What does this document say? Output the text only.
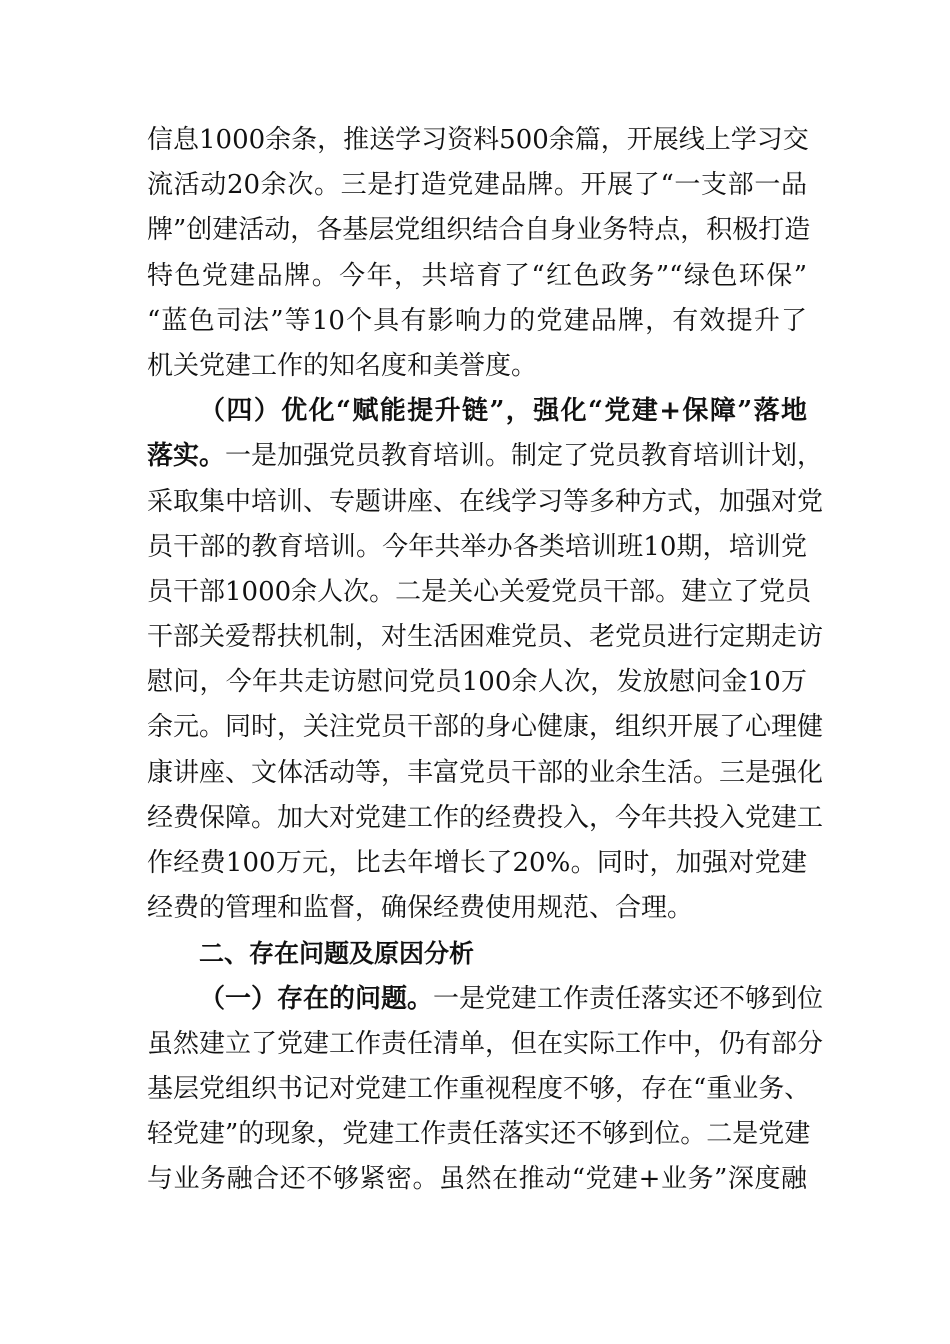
信息1000余条，推送学习资料500余篇，开展线上学习交
流活动20余次。三是打造党建品牌。开展了“一支部一品
牌”创建活动，各基层党组织结合自身业务特点，积极打造
特色党建品牌。今年，共培育了“红色政务”“绿色环保”
“蓝色司法”等10个具有影响力的党建品牌，有效提升了
机关党建工作的知名度和美誉度。
（四）优化“赋能提升链”，强化“党建+保障”落地
落实。一是加强党员教育培训。制定了党员教育培训计划，
采取集中培训、专题讲座、在线学习等多种方式，加强对党
员干部的教育培训。今年共举办各类培训班10期，培训党
员干部1000余人次。二是关心关爱党员干部。建立了党员
干部关爱帮扶机制，对生活困难党员、老党员进行定期走访
慰问，今年共走访慰问党员100余人次，发放慰问金10万
余元。同时，关注党员干部的身心健康，组织开展了心理健
康讲座、文体活动等，丰富党员干部的业余生活。三是强化
经费保障。加大对党建工作的经费投入，今年共投入党建工
作经费100万元，比去年增长了20%。同时，加强对党建
经费的管理和监督，确保经费使用规范、合理。
二、存在问题及原因分析
（一）存在的问题。一是党建工作责任落实还不够到位
虽然建立了党建工作责任清单，但在实际工作中，仍有部分
基层党组织书记对党建工作重视程度不够，存在“重业务、
轻党建”的现象，党建工作责任落实还不够到位。二是党建
与业务融合还不够紧密。虽然在推动“党建+业务”深度融
